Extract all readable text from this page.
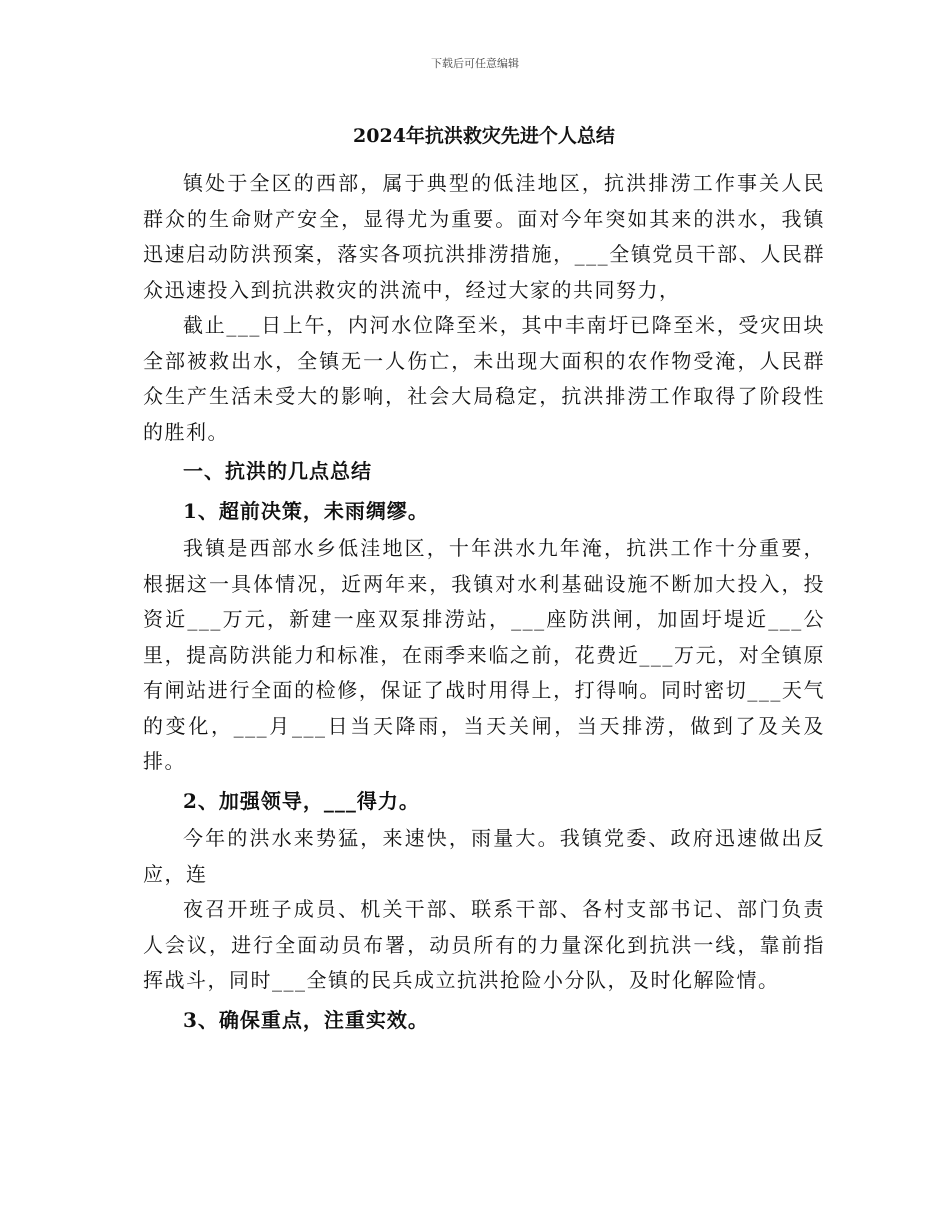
下载后可任意编辑
2024年抗洪救灾先进个人总结

镇处于全区的西部，属于典型的低洼地区，抗洪排涝工作事关人民群众的生命财产安全，显得尤为重要。面对今年突如其来的洪水，我镇迅速启动防洪预案，落实各项抗洪排涝措施，___全镇党员干部、人民群众迅速投入到抗洪救灾的洪流中，经过大家的共同努力，

截止___日上午，内河水位降至米，其中丰南圩已降至米，受灾田块全部被救出水，全镇无一人伤亡，未出现大面积的农作物受淹，人民群众生产生活未受大的影响，社会大局稳定，抗洪排涝工作取得了阶段性的胜利。

一、抗洪的几点总结
1、超前决策，未雨绸缪。

我镇是西部水乡低洼地区，十年洪水九年淹，抗洪工作十分重要，根据这一具体情况，近两年来，我镇对水利基础设施不断加大投入，投资近___万元，新建一座双泵排涝站，___座防洪闸，加固圩堤近___公里，提高防洪能力和标准，在雨季来临之前，花费近___万元，对全镇原有闸站进行全面的检修，保证了战时用得上，打得响。同时密切___天气的变化，___月___日当天降雨，当天关闸，当天排涝，做到了及关及排。

2、加强领导，___得力。

今年的洪水来势猛，来速快，雨量大。我镇党委、政府迅速做出反应，连

夜召开班子成员、机关干部、联系干部、各村支部书记、部门负责人会议，进行全面动员布署，动员所有的力量深化到抗洪一线，靠前指挥战斗，同时___全镇的民兵成立抗洪抢险小分队，及时化解险情。

3、确保重点，注重实效。
